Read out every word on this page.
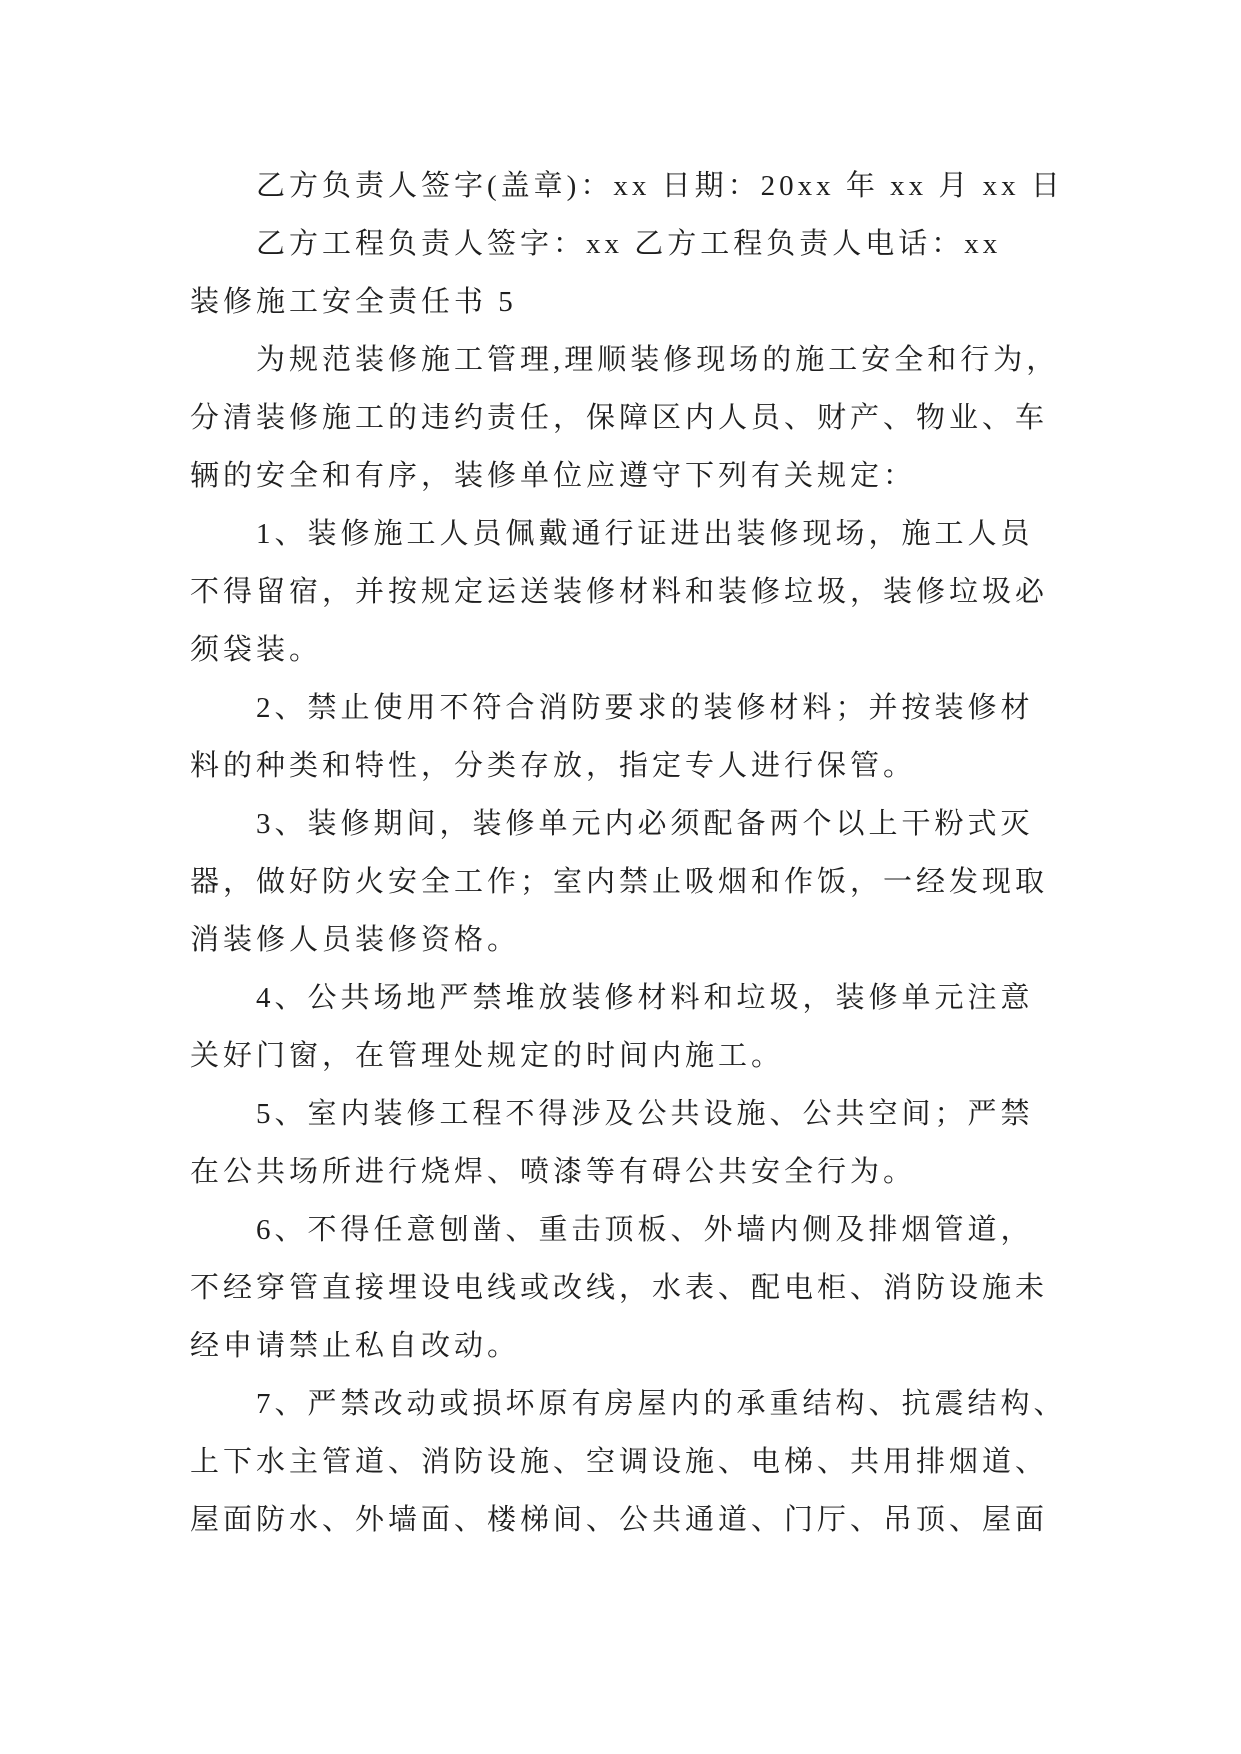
乙方负责人签字(盖章)：xx 日期：20xx 年 xx 月 xx 日
乙方工程负责人签字：xx 乙方工程负责人电话：xx
装修施工安全责任书 5
为规范装修施工管理,理顺装修现场的施工安全和行为，
分清装修施工的违约责任，保障区内人员、财产、物业、车
辆的安全和有序，装修单位应遵守下列有关规定：
1、装修施工人员佩戴通行证进出装修现场，施工人员
不得留宿，并按规定运送装修材料和装修垃圾，装修垃圾必
须袋装。
2、禁止使用不符合消防要求的装修材料；并按装修材
料的种类和特性，分类存放，指定专人进行保管。
3、装修期间，装修单元内必须配备两个以上干粉式灭
器，做好防火安全工作；室内禁止吸烟和作饭，一经发现取
消装修人员装修资格。
4、公共场地严禁堆放装修材料和垃圾，装修单元注意
关好门窗，在管理处规定的时间内施工。
5、室内装修工程不得涉及公共设施、公共空间；严禁
在公共场所进行烧焊、喷漆等有碍公共安全行为。
6、不得任意刨凿、重击顶板、外墙内侧及排烟管道，
不经穿管直接埋设电线或改线，水表、配电柜、消防设施未
经申请禁止私自改动。
7、严禁改动或损坏原有房屋内的承重结构、抗震结构、
上下水主管道、消防设施、空调设施、电梯、共用排烟道、
屋面防水、外墙面、楼梯间、公共通道、门厅、吊顶、屋面
